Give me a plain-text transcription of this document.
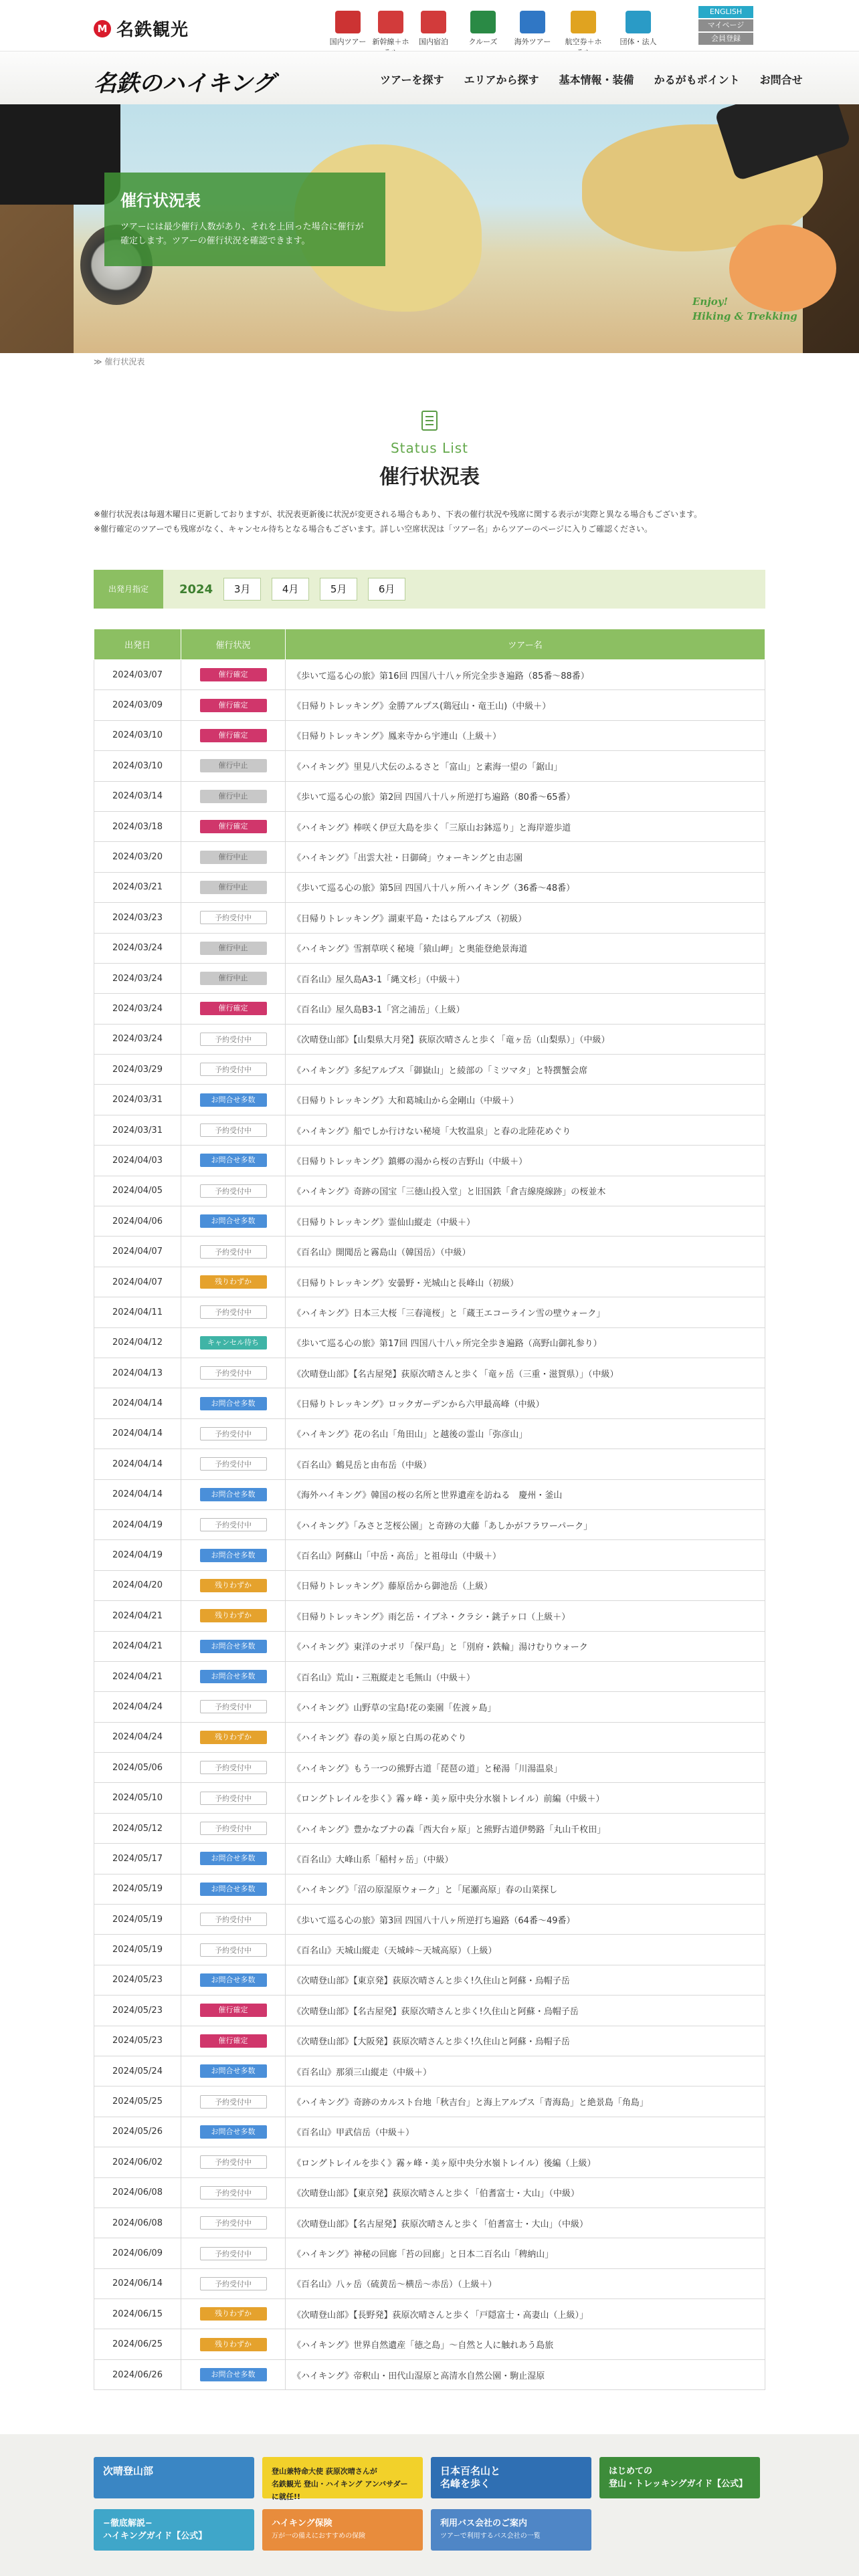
M 名鉄観光
国内ツアー 新幹線＋ホ	国内宿泊	クルーズ	海外ツアー	航空券＋ホ	団体・法人
ENGLISH
マイページ
会員登録
名鉄のハイキング	ツアーを探す エリアから探す 基本情報・装備 かるがもポイント お問合せ
催行状況表
ツアーには最少催行人数があり、それを上回った場合に催行が確定します。ツアーの催行状況を確認できます。
Enjoy!
Hiking & Trekking
≫ 催行状況表
Status List
催行状況表

※催行状況表は毎週木曜日に更新しておりますが、状況表更新後に状況が変更される場合もあり、下表の催行状況や残席に関する表示が実際と異なる場合もございます。

※催行確定のツアーでも残席がなく、キャンセル待ちとなる場合もございます。詳しい空席状況は「ツアー名」からツアーのページに入りご確認ください。

出発月指定	2024	3月	4月	5月	6月
出発日	催行状況	ツアー名
2024/03/07	催行確定	《歩いて巡る心の旅》第16回 四国八十八ヶ所完全歩き遍路（85番〜88番）
2024/03/09	催行確定	《日帰りトレッキング》金勝アルプス(鶏冠山・竜王山)（中級＋）
2024/03/10	催行確定	《日帰りトレッキング》鳳来寺から宇連山（上級＋）
2024/03/10	催行中止	《ハイキング》里見八犬伝のふるさと「富山」と素海一望の「鋸山」
2024/03/14	催行中止	《歩いて巡る心の旅》第2回 四国八十八ヶ所逆打ち遍路（80番〜65番）
2024/03/18	催行確定	《ハイキング》棒咲く伊豆大島を歩く「三原山お鉢巡り」と海岸遊歩道
2024/03/20	催行中止	《ハイキング》「出雲大社・日御碕」ウォーキングと由志園
2024/03/21	催行中止	《歩いて巡る心の旅》第5回 四国八十八ヶ所ハイキング（36番〜48番）
2024/03/23	予約受付中	《日帰りトレッキング》湖東平島・たはらアルプス（初級）
2024/03/24	催行中止	《ハイキング》雪割草咲く秘境「猿山岬」と奥能登絶景海道
2024/03/24	催行中止	《百名山》屋久島A3-1「縄文杉」（中級＋）
2024/03/24	催行確定	《百名山》屋久島B3-1「宮之浦岳」（上級）
2024/03/24	予約受付中	《次晴登山部》【山梨県大月発】荻原次晴さんと歩く「竜ヶ岳（山梨県）」（中級）
2024/03/29	予約受付中	《ハイキング》多紀アルプス「御嶽山」と綾部の「ミツマタ」と特撰蟹会席
2024/03/31	お問合せ多数	《日帰りトレッキング》大和葛城山から金剛山（中級＋）
2024/03/31	予約受付中	《ハイキング》船でしか行けない秘境「大牧温泉」と春の北陸花めぐり
2024/04/03	お問合せ多数	《日帰りトレッキング》鎮郷の湯から桜の吉野山（中級＋）
2024/04/05	予約受付中	《ハイキング》奇跡の国宝「三徳山投入堂」と旧国鉄「倉吉線廃線跡」の桜並木
2024/04/06	お問合せ多数	《日帰りトレッキング》霊仙山縦走（中級＋）
2024/04/07	予約受付中	《百名山》開聞岳と霧島山（韓国岳）（中級）
2024/04/07	残りわずか	《日帰りトレッキング》安曇野・光城山と長峰山（初級）
2024/04/11	予約受付中	《ハイキング》日本三大桜「三春滝桜」と「蔵王エコーライン雪の壁ウォーク」
2024/04/12	キャンセル待ち	《歩いて巡る心の旅》第17回 四国八十八ヶ所完全歩き遍路（高野山御礼参り）
2024/04/13	予約受付中	《次晴登山部》【名古屋発】荻原次晴さんと歩く「竜ヶ岳（三重・滋賀県）」（中級）
2024/04/14	お問合せ多数	《日帰りトレッキング》ロックガーデンから六甲最高峰（中級）
2024/04/14	予約受付中	《ハイキング》花の名山「角田山」と越後の霊山「弥彦山」
2024/04/14	予約受付中	《百名山》鶴見岳と由布岳（中級）
2024/04/14	お問合せ多数	《海外ハイキング》韓国の桜の名所と世界遺産を訪ねる　慶州・釜山
2024/04/19	予約受付中	《ハイキング》「みさと芝桜公園」と奇跡の大藤「あしかがフラワーパーク」
2024/04/19	お問合せ多数	《百名山》阿蘇山「中岳・高岳」と祖母山（中級＋）
2024/04/20	残りわずか	《日帰りトレッキング》藤原岳から御池岳（上級）
2024/04/21	残りわずか	《日帰りトレッキング》雨乞岳・イブネ・クラシ・銚子ヶ口（上級＋）
2024/04/21	お問合せ多数	《ハイキング》東洋のナポリ「保戸島」と「別府・鉄輪」湯けむりウォーク
2024/04/21	お問合せ多数	《百名山》荒山・三瓶縦走と毛無山（中級＋）
2024/04/24	予約受付中	《ハイキング》山野草の宝島!花の楽園「佐渡ヶ島」
2024/04/24	残りわずか	《ハイキング》春の美ヶ原と白馬の花めぐり
2024/05/06	予約受付中	《ハイキング》もう一つの熊野古道「琵琶の道」と秘湯「川湯温泉」
2024/05/10	予約受付中	《ロングトレイルを歩く》霧ヶ峰・美ヶ原中央分水嶺トレイル）前編（中級＋）
2024/05/12	予約受付中	《ハイキング》豊かなブナの森「西大台ヶ原」と熊野古道伊勢路「丸山千枚田」
2024/05/17	お問合せ多数	《百名山》大峰山系「稲村ヶ岳」（中級）
2024/05/19	お問合せ多数	《ハイキング》「沼の原湿原ウォーク」と「尾瀬高原」春の山菜探し
2024/05/19	予約受付中	《歩いて巡る心の旅》第3回 四国八十八ヶ所逆打ち遍路（64番〜49番）
2024/05/19	予約受付中	《百名山》天城山縦走（天城峠〜天城高原）（上級）
2024/05/23	お問合せ多数	《次晴登山部》【東京発】荻原次晴さんと歩く!久住山と阿蘇・烏帽子岳
2024/05/23	催行確定	《次晴登山部》【名古屋発】荻原次晴さんと歩く!久住山と阿蘇・烏帽子岳
2024/05/23	催行確定	《次晴登山部》【大阪発】荻原次晴さんと歩く!久住山と阿蘇・烏帽子岳
2024/05/24	お問合せ多数	《百名山》那須三山縦走（中級＋）
2024/05/25	予約受付中	《ハイキング》奇跡のカルスト台地「秋吉台」と海上アルプス「青海島」と絶景島「角島」
2024/05/26	お問合せ多数	《百名山》甲武信岳（中級＋）
2024/06/02	予約受付中	《ロングトレイルを歩く》霧ヶ峰・美ヶ原中央分水嶺トレイル）後編（上級）
2024/06/08	予約受付中	《次晴登山部》【東京発】荻原次晴さんと歩く「伯耆富士・大山」（中級）
2024/06/08	予約受付中	《次晴登山部》【名古屋発】荻原次晴さんと歩く「伯耆富士・大山」（中級）
2024/06/09	予約受付中	《ハイキング》神秘の回廊「苔の回廊」と日本二百名山「稗納山」
2024/06/14	予約受付中	《百名山》八ヶ岳（硫黄岳〜横岳〜赤岳）（上級＋）
2024/06/15	残りわずか	《次晴登山部》【長野発】荻原次晴さんと歩く「戸隠富士・高妻山（上級）」
2024/06/25	残りわずか	《ハイキング》世界自然遺産「徳之島」〜自然と人に触れあう島旅
2024/06/26	お問合せ多数	《ハイキング》帝釈山・田代山湿原と高清水自然公園・駒止湿原
次晴登山部	登山兼特命大使 荻原次晴さんが
名鉄観光 登山・ハイキング アンバサダーに就任!!
日本百名山と
名峰を歩く
はじめての
登山・トレッキングガイド【公式】
−徹底解説−
ハイキングガイド【公式】
ハイキング保険
万が一の備えにおすすめの保険
利用バス会社のご案内
ツアーで利用するバス会社の一覧
